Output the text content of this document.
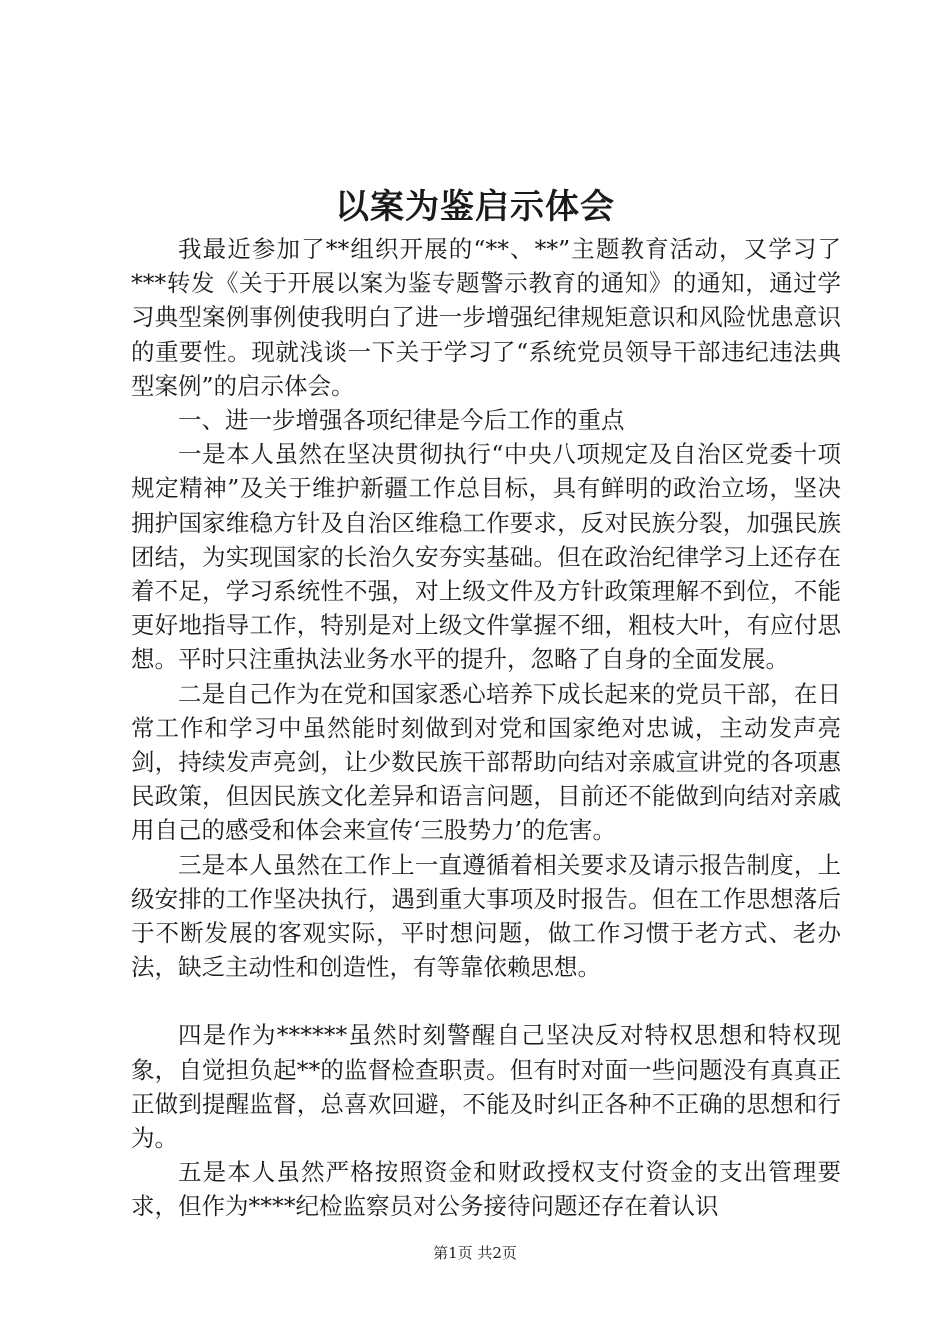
以案为鉴启示体会

我最近参加了**组织开展的“**、**”主题教育活动，又学习了***转发《关于开展以案为鉴专题警示教育的通知》的通知，通过学习典型案例事例使我明白了进一步增强纪律规矩意识和风险忧患意识的重要性。现就浅谈一下关于学习了“系统党员领导干部违纪违法典型案例”的启示体会。

一、进一步增强各项纪律是今后工作的重点

一是本人虽然在坚决贯彻执行“中央八项规定及自治区党委十项规定精神”及关于维护新疆工作总目标，具有鲜明的政治立场，坚决拥护国家维稳方针及自治区维稳工作要求，反对民族分裂，加强民族团结，为实现国家的长治久安夯实基础。但在政治纪律学习上还存在着不足，学习系统性不强，对上级文件及方针政策理解不到位，不能更好地指导工作，特别是对上级文件掌握不细，粗枝大叶，有应付思想。平时只注重执法业务水平的提升，忽略了自身的全面发展。

二是自己作为在党和国家悉心培养下成长起来的党员干部，在日常工作和学习中虽然能时刻做到对党和国家绝对忠诚，主动发声亮剑，持续发声亮剑，让少数民族干部帮助向结对亲戚宣讲党的各项惠民政策，但因民族文化差异和语言问题，目前还不能做到向结对亲戚用自己的感受和体会来宣传‘三股势力’的危害。

三是本人虽然在工作上一直遵循着相关要求及请示报告制度，上级安排的工作坚决执行，遇到重大事项及时报告。但在工作思想落后于不断发展的客观实际，平时想问题，做工作习惯于老方式、老办法，缺乏主动性和创造性，有等靠依赖思想。

四是作为******虽然时刻警醒自己坚决反对特权思想和特权现象，自觉担负起**的监督检查职责。但有时对面一些问题没有真真正正做到提醒监督，总喜欢回避，不能及时纠正各种不正确的思想和行为。

五是本人虽然严格按照资金和财政授权支付资金的支出管理要求，但作为****纪检监察员对公务接待问题还存在着认识

第1页 共2页
